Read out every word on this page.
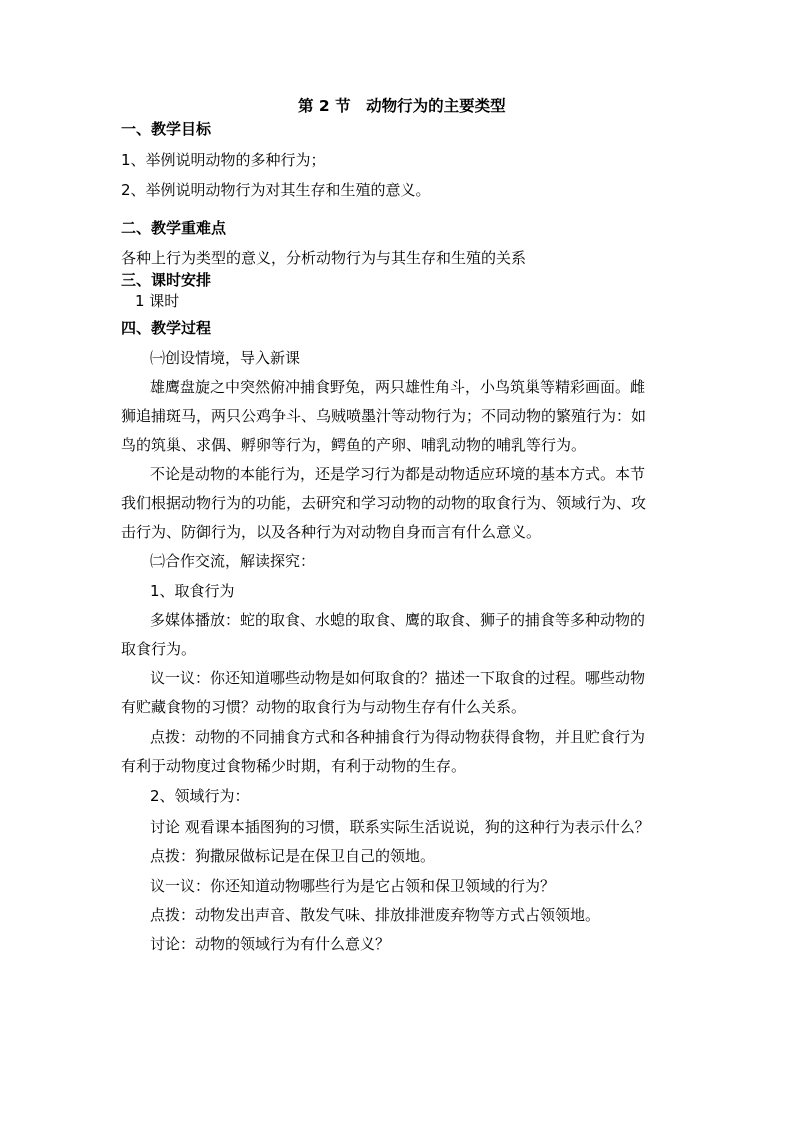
第 2 节　动物行为的主要类型
一、教学目标
1、举例说明动物的多种行为；
2、举例说明动物行为对其生存和生殖的意义。
二、教学重难点
各种上行为类型的意义，分析动物行为与其生存和生殖的关系
三、课时安排
1 课时
四、教学过程
㈠创设情境，导入新课
雄鹰盘旋之中突然俯冲捕食野兔，两只雄性角斗，小鸟筑巢等精彩画面。雌
狮追捕斑马，两只公鸡争斗、乌贼喷墨汁等动物行为；不同动物的繁殖行为：如
鸟的筑巢、求偶、孵卵等行为，鳄鱼的产卵、哺乳动物的哺乳等行为。
不论是动物的本能行为，还是学习行为都是动物适应环境的基本方式。本节
我们根据动物行为的功能，去研究和学习动物的动物的取食行为、领域行为、攻
击行为、防御行为，以及各种行为对动物自身而言有什么意义。
㈡合作交流，解读探究：
1、取食行为
多媒体播放：蛇的取食、水螅的取食、鹰的取食、狮子的捕食等多种动物的
取食行为。
议一议：你还知道哪些动物是如何取食的？描述一下取食的过程。哪些动物
有贮藏食物的习惯？动物的取食行为与动物生存有什么关系。
点拨：动物的不同捕食方式和各种捕食行为得动物获得食物，并且贮食行为
有利于动物度过食物稀少时期，有利于动物的生存。
2、领域行为：
讨论 观看课本插图狗的习惯，联系实际生活说说，狗的这种行为表示什么？
点拨：狗撒尿做标记是在保卫自己的领地。
议一议：你还知道动物哪些行为是它占领和保卫领域的行为？
点拨：动物发出声音、散发气味、排放排泄废弃物等方式占领领地。
讨论：动物的领域行为有什么意义？
